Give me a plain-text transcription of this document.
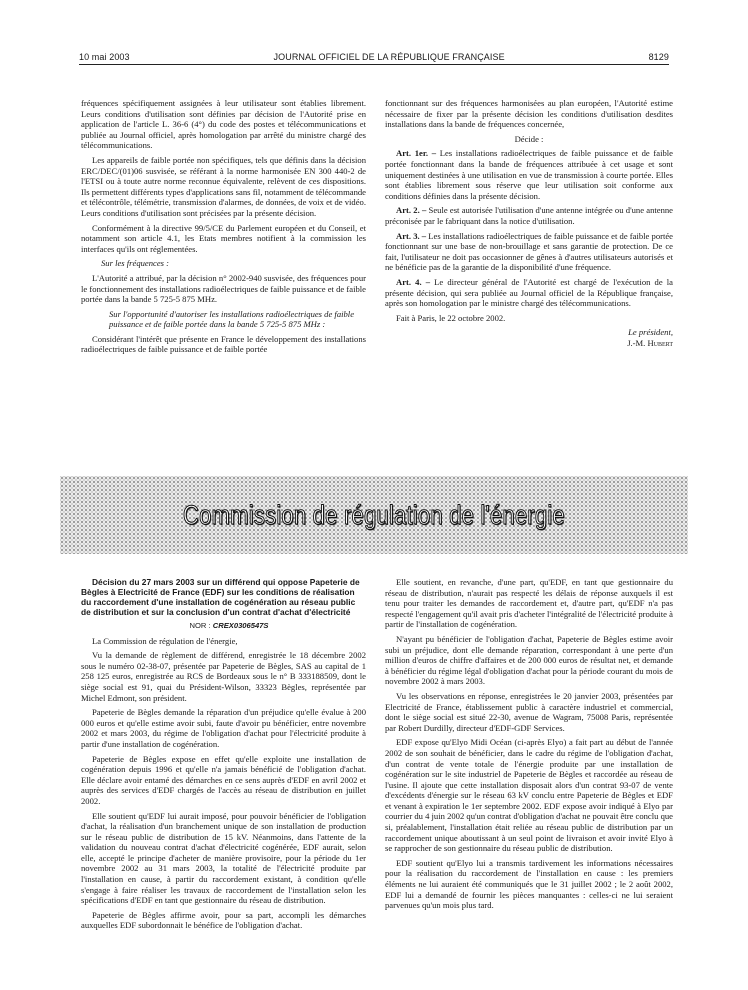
10 mai 2003	JOURNAL OFFICIEL DE LA RÉPUBLIQUE FRANÇAISE	8129

fréquences spécifiquement assignées à leur utilisateur sont établies librement. Leurs conditions d'utilisation sont définies par décision de l'Autorité prise en application de l'article L. 36-6 (4°) du code des postes et télécommunications et publiée au Journal officiel, après homologation par arrêté du ministre chargé des télécommunications.

Les appareils de faible portée non spécifiques, tels que définis dans la décision ERC/DEC/(01)06 susvisée, se référant à la norme harmonisée EN 300 440-2 de l'ETSI ou à toute autre norme reconnue équivalente, relèvent de ces dispositions. Ils permettent différents types d'applications sans fil, notamment de télécommande et télécontrôle, télémétrie, transmission d'alarmes, de données, de voix et de vidéo. Leurs conditions d'utilisation sont précisées par la présente décision.

Conformément à la directive 99/5/CE du Parlement européen et du Conseil, et notamment son article 4.1, les Etats membres notifient à la commission les interfaces qu'ils ont réglementées.

Sur les fréquences :

L'Autorité a attribué, par la décision n° 2002-940 susvisée, des fréquences pour le fonctionnement des installations radioélectriques de faible puissance et de faible portée dans la bande 5 725-5 875 MHz.

Sur l'opportunité d'autoriser les installations radioélectriques de faible puissance et de faible portée dans la bande 5 725-5 875 MHz :

Considérant l'intérêt que présente en France le développement des installations radioélectriques de faible puissance et de faible portée

fonctionnant sur des fréquences harmonisées au plan européen, l'Autorité estime nécessaire de fixer par la présente décision les conditions d'utilisation desdites installations dans la bande de fréquences concernée,

Décide :

Art. 1er. – Les installations radioélectriques de faible puissance et de faible portée fonctionnant dans la bande de fréquences attribuée à cet usage et sont uniquement destinées à une utilisation en vue de transmission à courte portée. Elles sont établies librement sous réserve que leur utilisation soit conforme aux conditions définies dans la présente décision.

Art. 2. – Seule est autorisée l'utilisation d'une antenne intégrée ou d'une antenne préconisée par le fabriquant dans la notice d'utilisation.

Art. 3. – Les installations radioélectriques de faible puissance et de faible portée fonctionnant sur une base de non-brouillage et sans garantie de protection. De ce fait, l'utilisateur ne doit pas occasionner de gênes à d'autres utilisateurs autorisés et ne bénéficie pas de la garantie de la disponibilité d'une fréquence.

Art. 4. – Le directeur général de l'Autorité est chargé de l'exécution de la présente décision, qui sera publiée au Journal officiel de la République française, après son homologation par le ministre chargé des télécommunications.

Fait à Paris, le 22 octobre 2002.

Le président,

J.-M. Hubert

Commission de régulation de l'énergie

Décision du 27 mars 2003 sur un différend qui oppose Papeterie de Bègles à Electricité de France (EDF) sur les conditions de réalisation du raccordement d'une installation de cogénération au réseau public de distribution et sur la conclusion d'un contrat d'achat d'électricité

NOR : CREX0306547S

La Commission de régulation de l'énergie,

Vu la demande de règlement de différend, enregistrée le 18 décembre 2002 sous le numéro 02-38-07, présentée par Papeterie de Bègles, SAS au capital de 1 258 125 euros, enregistrée au RCS de Bordeaux sous le n° B 333188509, dont le siège social est 91, quai du Président-Wilson, 33323 Bègles, représentée par Michel Edmont, son président.

Papeterie de Bègles demande la réparation d'un préjudice qu'elle évalue à 200 000 euros et qu'elle estime avoir subi, faute d'avoir pu bénéficier, entre novembre 2002 et mars 2003, du régime de l'obligation d'achat pour l'électricité produite à partir d'une installation de cogénération.

Papeterie de Bègles expose en effet qu'elle exploite une installation de cogénération depuis 1996 et qu'elle n'a jamais bénéficié de l'obligation d'achat. Elle déclare avoir entamé des démarches en ce sens auprès d'EDF en avril 2002 et auprès des services d'EDF chargés de l'accès au réseau de distribution en juillet 2002.

Elle soutient qu'EDF lui aurait imposé, pour pouvoir bénéficier de l'obligation d'achat, la réalisation d'un branchement unique de son installation de production sur le réseau public de distribution de 15 kV. Néanmoins, dans l'attente de la validation du nouveau contrat d'achat d'électricité cogénérée, EDF aurait, selon elle, accepté le principe d'acheter de manière provisoire, pour la période du 1er novembre 2002 au 31 mars 2003, la totalité de l'électricité produite par l'installation en cause, à partir du raccordement existant, à condition qu'elle s'engage à faire réaliser les travaux de raccordement de l'installation selon les spécifications d'EDF en tant que gestionnaire du réseau de distribution.

Papeterie de Bègles affirme avoir, pour sa part, accompli les démarches auxquelles EDF subordonnait le bénéfice de l'obligation d'achat.

Elle soutient, en revanche, d'une part, qu'EDF, en tant que gestionnaire du réseau de distribution, n'aurait pas respecté les délais de réponse auxquels il est tenu pour traiter les demandes de raccordement et, d'autre part, qu'EDF n'a pas respecté l'engagement qu'il avait pris d'acheter l'intégralité de l'électricité produite à partir de l'installation de cogénération.

N'ayant pu bénéficier de l'obligation d'achat, Papeterie de Bègles estime avoir subi un préjudice, dont elle demande réparation, correspondant à une perte d'un million d'euros de chiffre d'affaires et de 200 000 euros de résultat net, et demande à bénéficier du régime légal d'obligation d'achat pour la période courant du mois de novembre 2002 à mars 2003.

Vu les observations en réponse, enregistrées le 20 janvier 2003, présentées par Electricité de France, établissement public à caractère industriel et commercial, dont le siège social est situé 22-30, avenue de Wagram, 75008 Paris, représentée par Robert Durdilly, directeur d'EDF-GDF Services.

EDF expose qu'Elyo Midi Océan (ci-après Elyo) a fait part au début de l'année 2002 de son souhait de bénéficier, dans le cadre du régime de l'obligation d'achat, d'un contrat de vente totale de l'énergie produite par une installation de cogénération sur le site industriel de Papeterie de Bègles et raccordée au réseau de l'usine. Il ajoute que cette installation disposait alors d'un contrat 93-07 de vente d'excédents d'énergie sur le réseau 63 kV conclu entre Papeterie de Bègles et EDF et venant à expiration le 1er septembre 2002. EDF expose avoir indiqué à Elyo par courrier du 4 juin 2002 qu'un contrat d'obligation d'achat ne pouvait être conclu que si, préalablement, l'installation était reliée au réseau public de distribution par un raccordement unique aboutissant à un seul point de livraison et avoir invité Elyo à se rapprocher de son gestionnaire du réseau public de distribution.

EDF soutient qu'Elyo lui a transmis tardivement les informations nécessaires pour la réalisation du raccordement de l'installation en cause : les premiers éléments ne lui auraient été communiqués que le 31 juillet 2002 ; le 2 août 2002, EDF lui a demandé de fournir les pièces manquantes : celles-ci ne lui seraient parvenues qu'un mois plus tard.
